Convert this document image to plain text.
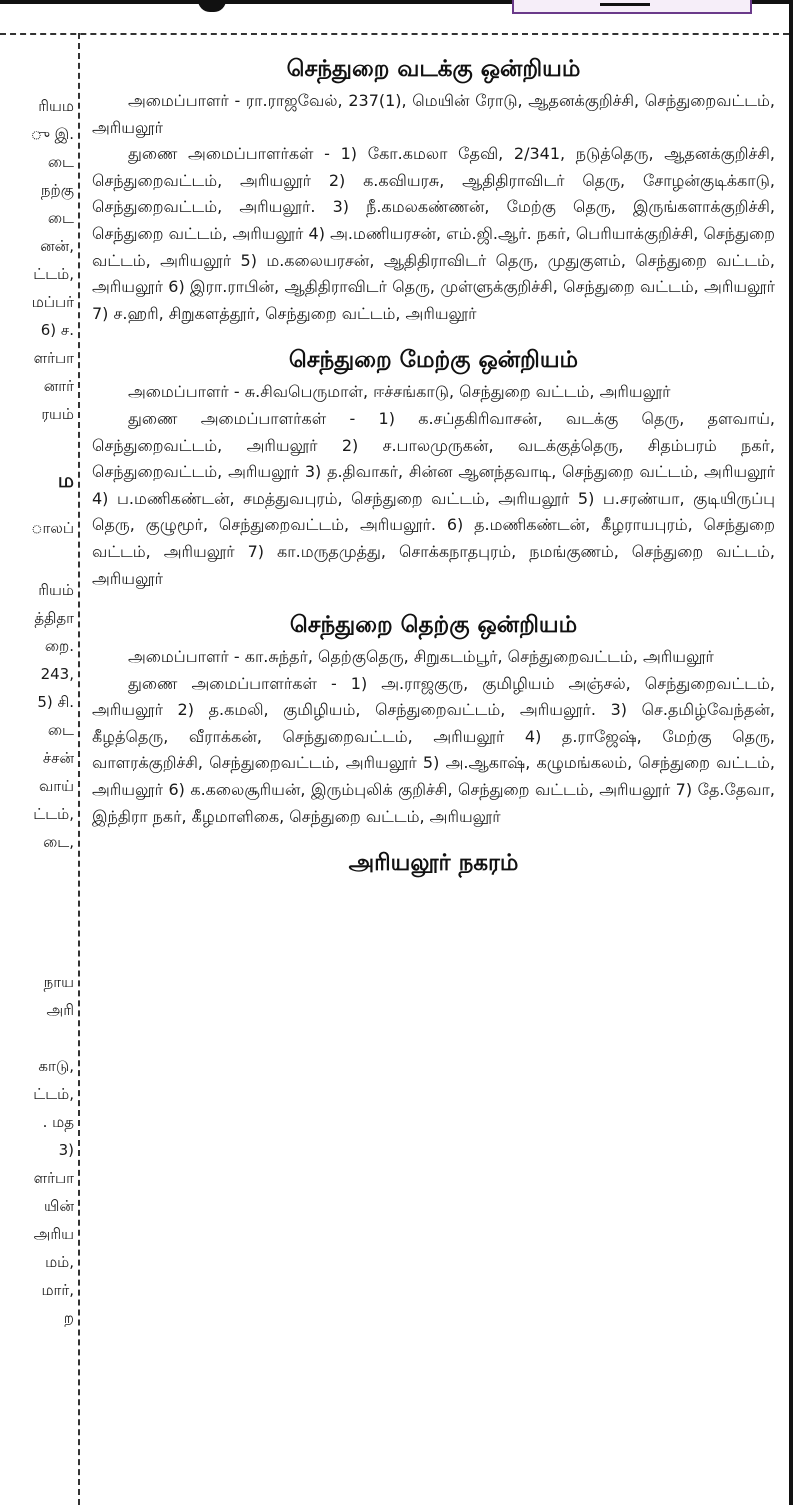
ரியம
ு இ.
டை
நற்கு
டை
னன்,
ட்டம்,
மப்பர்
6) ச.
ளர்பா
னார்
ரயம்
ம
ாலப்
ரியம்
த்திதா
றை.
243,
5) சி.
டை
ச்சன்
வாய்
ட்டம்,
டை,
நாய
அரி
காடு,
ட்டம்,
. மத
3)
ளர்பா
யின்
அரிய
மம்,
மார்,
ற
செந்துறை வடக்கு ஒன்றியம்

அமைப்பாளர் - ரா.ராஜவேல், 237(1), மெயின் ரோடு, ஆதனக்குறிச்சி, செந்துறைவட்டம், அரியலூர்

துணை அமைப்பாளர்கள் - 1) கோ.கமலா தேவி, 2/341, நடுத்தெரு, ஆதனக்குறிச்சி, செந்துறைவட்டம், அரியலூர் 2) க.கவியரசு, ஆதிதிராவிடர் தெரு, சோழன்குடிக்காடு, செந்துறைவட்டம், அரியலூர். 3) நீ.கமலகண்ணன், மேற்கு தெரு, இருங்களாக்குறிச்சி, செந்துறை வட்டம், அரியலூர் 4) அ.மணியரசன், எம்.ஜி.ஆர். நகர், பெரியாக்குறிச்சி, செந்துறை வட்டம், அரியலூர் 5) ம.கலையரசன், ஆதிதிராவிடர் தெரு, முதுகுளம், செந்துறை வட்டம், அரியலூர் 6) இரா.ராபின், ஆதிதிராவிடர் தெரு, முள்ளுக்குறிச்சி, செந்துறை வட்டம், அரியலூர் 7) ச.ஹரி, சிறுகளத்தூர், செந்துறை வட்டம், அரியலூர்

செந்துறை மேற்கு ஒன்றியம்

அமைப்பாளர் - சு.சிவபெருமாள், ஈச்சங்காடு, செந்துறை வட்டம், அரியலூர்

துணை அமைப்பாளர்கள் - 1) க.சப்தகிரிவாசன், வடக்கு தெரு, தளவாய், செந்துறைவட்டம், அரியலூர் 2) ச.பாலமுருகன், வடக்குத்தெரு, சிதம்பரம் நகர், செந்துறைவட்டம், அரியலூர் 3) த.திவாகர், சின்ன ஆனந்தவாடி, செந்துறை வட்டம், அரியலூர் 4) ப.மணிகண்டன், சமத்துவபுரம், செந்துறை வட்டம், அரியலூர் 5) ப.சரண்யா, குடியிருப்பு தெரு, குழுமூர், செந்துறைவட்டம், அரியலூர். 6) த.மணிகண்டன், கீழராயபுரம், செந்துறை வட்டம், அரியலூர் 7) கா.மருதமுத்து, சொக்கநாதபுரம், நமங்குணம், செந்துறை வட்டம், அரியலூர்

செந்துறை தெற்கு ஒன்றியம்

அமைப்பாளர் - கா.சுந்தர், தெற்குதெரு, சிறுகடம்பூர், செந்துறைவட்டம், அரியலூர்

துணை அமைப்பாளர்கள் - 1) அ.ராஜகுரு, குமிழியம் அஞ்சல், செந்துறைவட்டம், அரியலூர் 2) த.கமலி, குமிழியம், செந்துறைவட்டம், அரியலூர். 3) செ.தமிழ்வேந்தன், கீழத்தெரு, வீராக்கன், செந்துறைவட்டம், அரியலூர் 4) த.ராஜேஷ், மேற்கு தெரு, வாளரக்குறிச்சி, செந்துறைவட்டம், அரியலூர் 5) அ.ஆகாஷ், கழுமங்கலம், செந்துறை வட்டம், அரியலூர் 6) க.கலைசூரியன், இரும்புலிக் குறிச்சி, செந்துறை வட்டம், அரியலூர் 7) தே.தேவா, இந்திரா நகர், கீழமாளிகை, செந்துறை வட்டம், அரியலூர்

அரியலூர் நகரம்
